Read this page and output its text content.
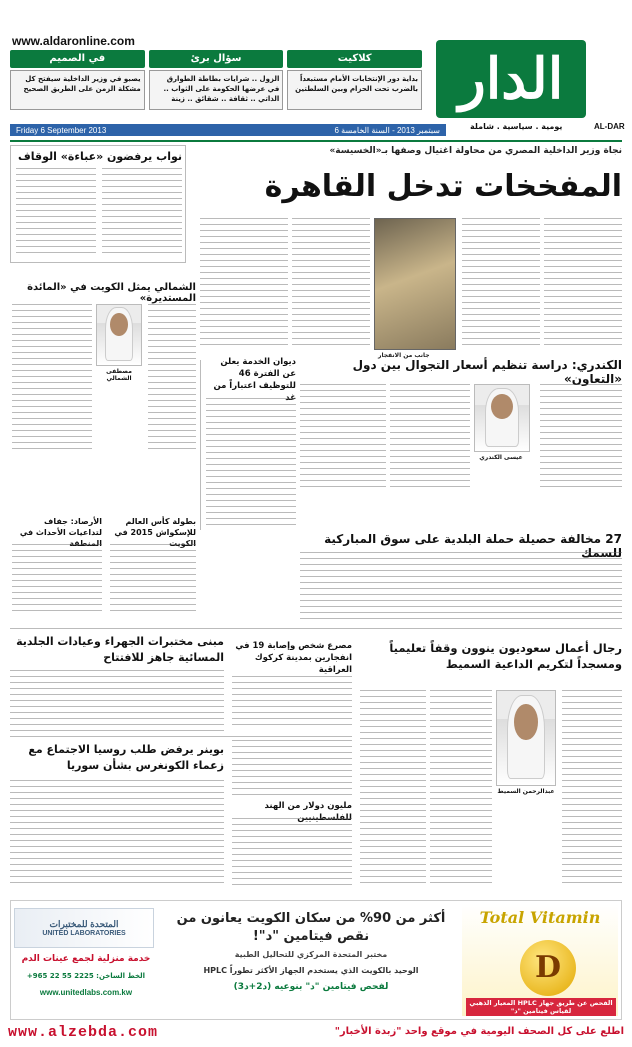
www.aldaronline.com
في الصميم	سؤال برئ	كلاكيت
يصبو في وزير الداخلية سيفتح كل مشكلة الزمن على الطريق الصحيح
الزول .. شرايات بطاطة الطوارق في عرضها الحكومة على الثواب .. الذاتي .. ثقافة .. شقائق .. زينة
بداية دور الإنتخابات الأمام مستبعداً بالضرب تحت الحزام وبين السلطتين الدار
AL-DAR
يومية . سياسية . شاملة
Friday 6 September 2013	6 سبتمبر 2013 - السنة الخامسة
نجاة وزير الداخلية المصري من محاولة اغتيال وصفها بـ«الخسيسة»
المفخخات تدخل القاهرة
نواب يرفضون «عباءة» الوقاف
جانب من الانفجار
الشمالي يمثل الكويت في «المائدة المستديرة»
مصطفى الشمالي
الكندري: دراسة تنظيم أسعار التجوال بين دول «التعاون»
عيسى الكندري
ديوان الخدمة يعلن عن الفترة 46 للتوظيف اعتباراً من غد
27 مخالفة حصيلة حملة البلدية على سوق المباركية للسمك
بطولة كأس العالم للإسكواش 2015 في الكويت
الأرصاد: جفاف لتداعيات الأحداث في المنطقة
مبنى مختبرات الجهراء وعيادات الجلدية المسائية جاهز للافتتاح
مصرع شخص وإصابة 19 في انفجارين بمدينة كركوك العراقية
رجال أعمال سعوديون ينوون وقفاً تعليمياً ومسجداً لتكريم الداعية السميط
عبدالرحمن السميط
بوينر يرفض طلب روسيا الاجتماع مع زعماء الكونغرس بشأن سوريا
مليون دولار من الهند للفلسطينيين
المتحدة للمختبرات
UNITED LABORATORIES
خدمة منزلية لجمع عينات الدم
الخط الساخن: 2225 55 22 965+
www.unitedlabs.com.kw
أكثر من 90% من سكان الكويت يعانون من نقص فيتامين "د"!
مختبر المتحدة المركزي للتحاليل الطبية
الوحيد بالكويت الذي يستخدم الجهاز الأكثر تطوراً HPLC
لفحص فيتامين "د" بنوعيه (د2+د3)
Total Vitamin
D
الفحص عن طريق جهاز HPLC المعيار الذهبي لقياس فيتامين "د"
www.alzebda.com	اطلع على كل الصحف اليومية في موقع واحد "زبدة الأخبار"
